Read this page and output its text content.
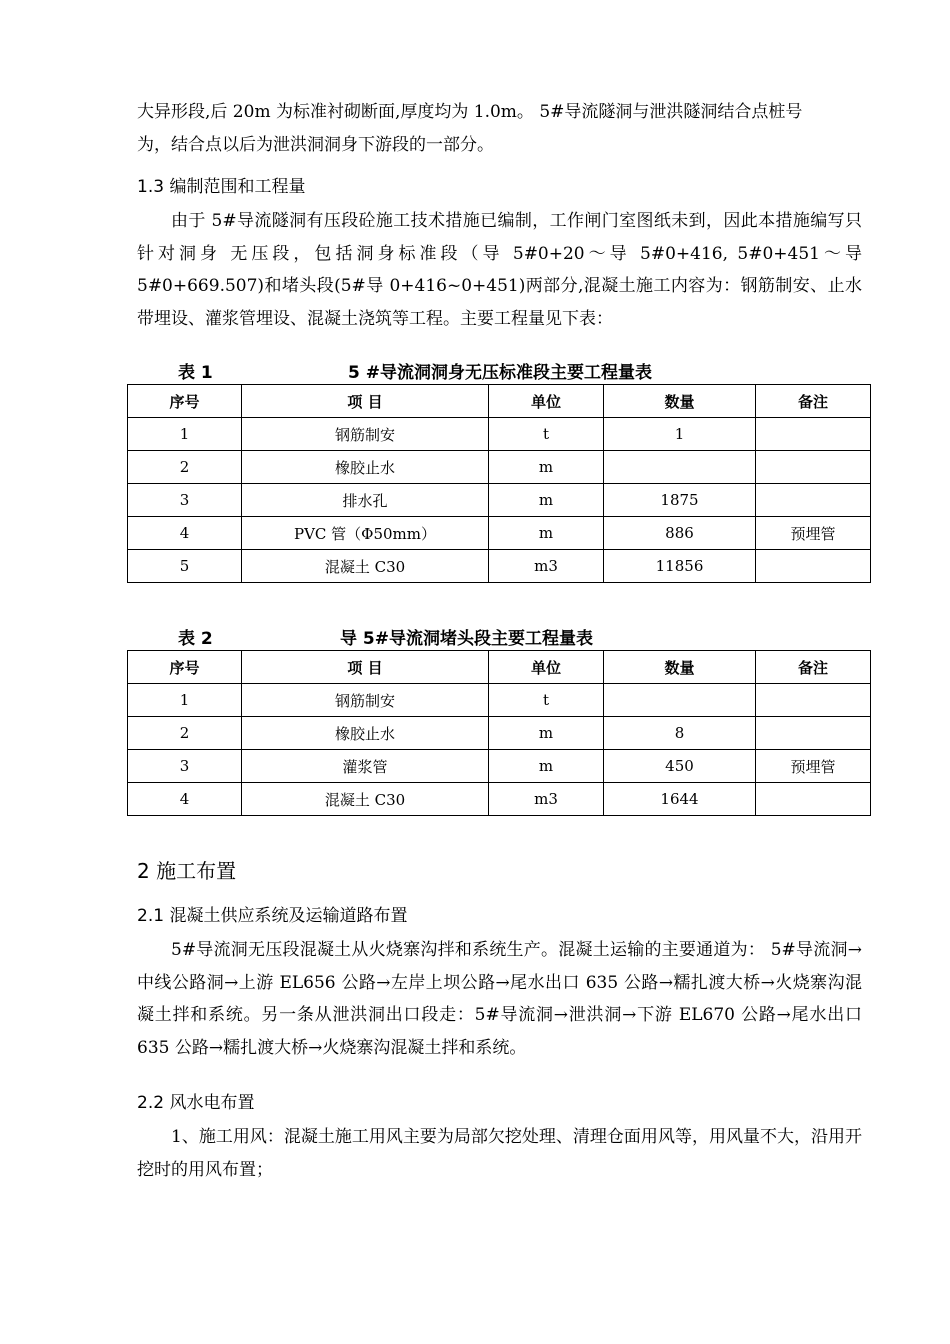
大异形段,后 20m 为标准衬砌断面,厚度均为 1.0m。 5#导流隧洞与泄洪隧洞结合点桩号
为，结合点以后为泄洪洞洞身下游段的一部分。
1.3 编制范围和工程量
由于 5#导流隧洞有压段砼施工技术措施已编制，工作闸门室图纸未到，因此本措施编写只针对洞身 无压段，包括洞身标准段（导 5#0+20～导 5#0+416, 5#0+451～导5#0+669.507)和堵头段(5#导 0+416~0+451)两部分,混凝土施工内容为：钢筋制安、止水带埋设、灌浆管埋设、混凝土浇筑等工程。主要工程量见下表：
表 1	5 #导流洞洞身无压标准段主要工程量表
序号	项 目	单位	数量	备注
1	钢筋制安	t	1	
2	橡胶止水	m		
3	排水孔	m	1875	
4	PVC 管（Φ50mm）	m	886	预埋管
5	混凝土 C30	m3	11856	
表 2	导 5#导流洞堵头段主要工程量表
序号	项 目	单位	数量	备注
1	钢筋制安	t		
2	橡胶止水	m	8	
3	灌浆管	m	450	预埋管
4	混凝土 C30	m3	1644	
2 施工布置
2.1 混凝土供应系统及运输道路布置
5#导流洞无压段混凝土从火烧寨沟拌和系统生产。混凝土运输的主要通道为： 5#导流洞→中线公路洞→上游 EL656 公路→左岸上坝公路→尾水出口 635 公路→糯扎渡大桥→火烧寨沟混凝土拌和系统。另一条从泄洪洞出口段走：5#导流洞→泄洪洞→下游 EL670 公路→尾水出口 635 公路→糯扎渡大桥→火烧寨沟混凝土拌和系统。
2.2 风水电布置
1、施工用风：混凝土施工用风主要为局部欠挖处理、清理仓面用风等，用风量不大，沿用开挖时的用风布置；
